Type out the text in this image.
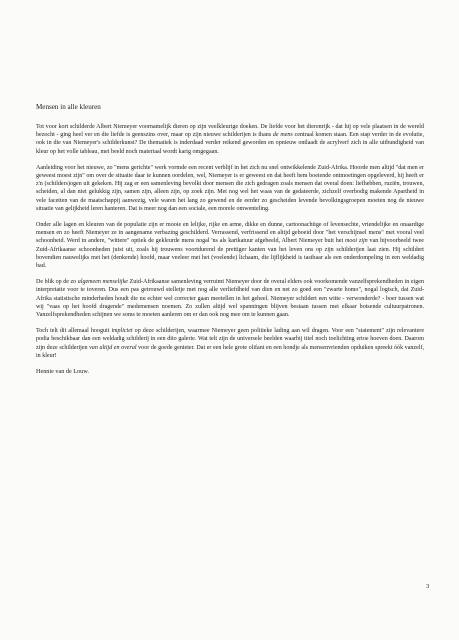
Mensen in alle kleuren

Tot voor kort schilderde Albert Niemeyer voornamelijk dieren op zijn veelkleurige doeken. De liefde voor het dierenrijk - dat hij op vele plaatsen in de wereld bezocht - ging heel ver en die liefde is geenszins over, maar op zijn nieuwe schilderijen is thans de mens centraal komen staan. Een stap verder in de evolutie, ook in die van Niemeyer's schilderkunst? De thematiek is inderdaad verder reikend geworden en opnieuw ontlaadt de acrylverf zich in alle uitbundigheid van kleur op het volle tableau, met beeld noch materiaal wordt karig omgegaan.

Aanleiding voor het nieuwe, zo "mens gerichte" werk vormde een recent verblijf in het zich nu snel ontwikkelende Zuid-Afrika. Hoorde men altijd "dat men er geweest moest zijn" om over de situatie daar te kunnen oordelen, wel, Niemeyer is er geweest en dat heeft hem boeiende ontmoetingen opgeleverd, hij heeft er z'n (schilders)ogen uit gekeken. Hij zag er een samenleving bevolkt door mensen die zich gedragen zoals mensen dat overal doen: liefhebben, ruziën, trouwen, scheiden, al dan niet gelukkig zijn, samen zijn, alleen zijn, op zoek zijn. Met nog wel het waas van de gedateerde, zichzelf overbodig makende Apartheid in vele facetten van de maatschappij aanwezig, vele waren het lang zo gewend en de eerder zo gescheiden levende bevolkingsgroepen moeten nog de nieuwe situatie van gelijkheid leren hanteren. Dat is meer nog dan een sociale, een morele omwenteling.

Onder alle lagen en kleuren van de populatie zijn er mooie en lelijke, rijke en arme, dikke en dunne, cartoonachtige of levensechte, vriendelijke en onaardige mensen en zo heeft Niemeyer ze in aangename verbazing geschilderd. Verrassend, verfrissend en altijd geboeid door "het verschijnsel mens" met vooral veel schoonheid. Werd in andere, "wittere" optiek de gekleurde mens nogal 'ns als karikatuur afgebeeld, Albert Niemeyer buit het mooi zijn van hijvoorbeeld twee Zuid-Afrikaanse schoonheden juist uit, zoals hij trouwens voortdurend de prettiger kanten van het leven ons op zijn schilderijen laat zien. Hij schildert bovendien nauwelijks met het (denkende) hoofd, maar veeleer met het (voelende) lichaam, die lijflijkheid is tastbaar als een onderdompeling in een weldadig bad.

De blik op de zo algemeen menselijke Zuid-Afrikaanse samenleving verruimt Niemeyer door de overal elders ook voorkomende vanzelfsprekendheden in eigen interpretatie voor te toveren. Dus een pas getrouwd stelletje met nog alle verliefdheid van dien en net zo goed een "zwarte homo", nogal logisch, dat Zuid-Afrika statistische minderheden houdt die nu echter wel correcter gaan meetellen in het geheel. Niemeyer schildert een witte - verwonderde? - boer tussen wat wij "vaas op het hoofd dragende" medemensen noemen. Zo zullen altijd wel spanningen blijven bestaan tussen met elkaar botsende cultuurpatronen. Vanzelfsprekendheden schijnen we soms te moeten aanleren om er dan ook nog mee om te kunnen gaan.

Toch telt dit allemaal hooguit impliciet op deze schilderijen, waarmee Niemeyer geen politieke lading aan wil dragen. Voor een "statement" zijn relevantere podia beschikbaar dan een weldadig schilderij in een dito galerie. Wat telt zijn de universele beelden waarbij titel noch toelichting ertoe hoeven doen. Daarom zijn deze schilderijen van altijd en overal voor de goede genieter. Dat er een hele grote olifant en een hondje als mensenvrienden opduiken spreekt óók vanzelf, in kleur!

Hennie van de Louw.
3
